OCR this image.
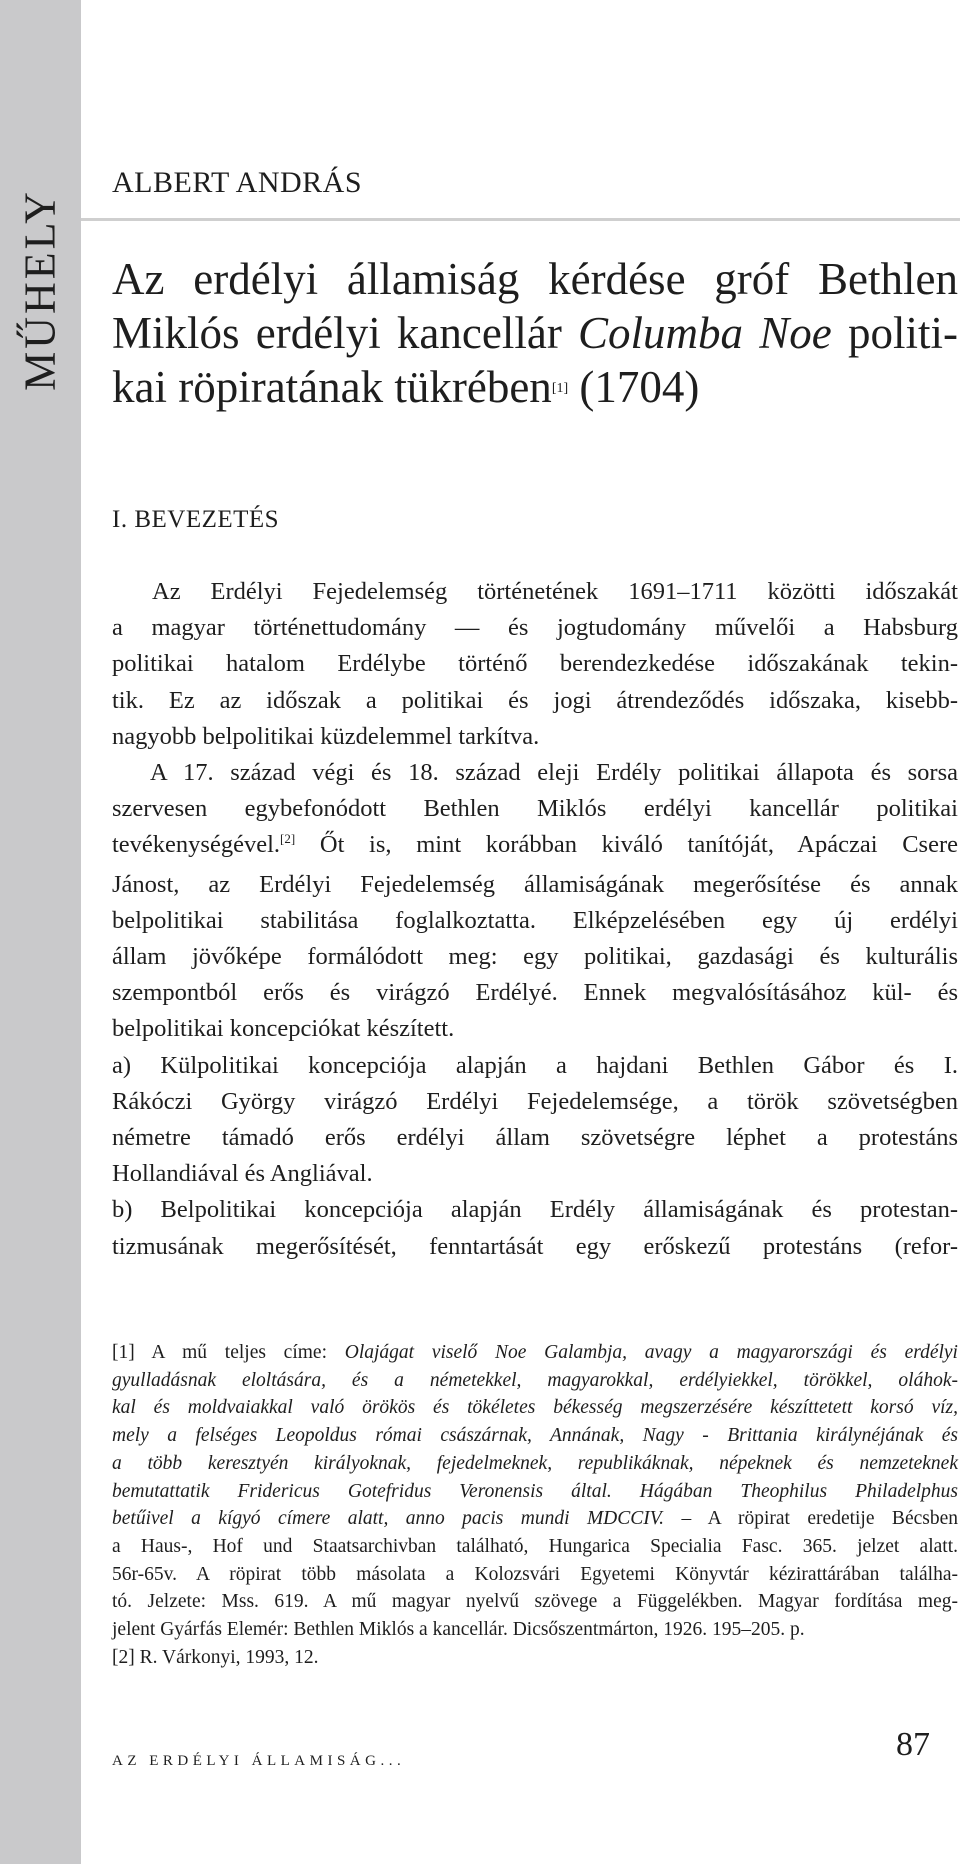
MŰHELY
ALBERT ANDRÁS
Az erdélyi államiság kérdése gróf Bethlen
Miklós erdélyi kancellár Columba Noe politi-
kai röpiratának tükrében[1] (1704)
I. BEVEZETÉS
Az Erdélyi Fejedelemség történetének 1691–1711 közötti időszakát
a magyar történettudomány — és jogtudomány művelői a Habsburg
politikai hatalom Erdélybe történő berendezkedése időszakának tekin-
tik. Ez az időszak a politikai és jogi átrendeződés időszaka, kisebb-
nagyobb belpolitikai küzdelemmel tarkítva.
A 17. század végi és 18. század eleji Erdély politikai állapota és sorsa
szervesen egybefonódott Bethlen Miklós erdélyi kancellár politikai
tevékenységével.[2] Őt is, mint korábban kiváló tanítóját, Apáczai Csere
Jánost, az Erdélyi Fejedelemség államiságának megerősítése és annak
belpolitikai stabilitása foglalkoztatta. Elképzelésében egy új erdélyi
állam jövőképe formálódott meg: egy politikai, gazdasági és kulturális
szempontból erős és virágzó Erdélyé. Ennek megvalósításához kül- és
belpolitikai koncepciókat készített.
a) Külpolitikai koncepciója alapján a hajdani Bethlen Gábor és I.
Rákóczi György virágzó Erdélyi Fejedelemsége, a török szövetségben
németre támadó erős erdélyi állam szövetségre léphet a protestáns
Hollandiával és Angliával.
b) Belpolitikai koncepciója alapján Erdély államiságának és protestan-
tizmusának megerősítését, fenntartását egy erőskezű protestáns (refor-
[1] A mű teljes címe: Olajágat viselő Noe Galambja, avagy a magyarországi és erdélyi
gyulladásnak eloltására, és a németekkel, magyarokkal, erdélyiekkel, törökkel, oláhok-
kal és moldvaiakkal való örökös és tökéletes békesség megszerzésére készíttetett korsó víz,
mely a felséges Leopoldus római császárnak, Annának, Nagy - Brittania királynéjának és
a több keresztyén királyoknak, fejedelmeknek, republikáknak, népeknek és nemzeteknek
bemutattatik Fridericus Gotefridus Veronensis által. Hágában Theophilus Philadelphus
betűivel a kígyó címere alatt, anno pacis mundi MDCCIV. – A röpirat eredetije Bécsben
a Haus-, Hof und Staatsarchivban található, Hungarica Specialia Fasc. 365. jelzet alatt.
56r-65v. A röpirat több másolata a Kolozsvári Egyetemi Könyvtár kézirattárában találha-
tó. Jelzete: Mss. 619. A mű magyar nyelvű szövege a Függelékben. Magyar fordítása meg-
jelent Gyárfás Elemér: Bethlen Miklós a kancellár. Dicsőszentmárton, 1926. 195–205. p.
[2] R. Várkonyi, 1993, 12.
AZ ERDÉLYI ÁLLAMISÁG...	87
